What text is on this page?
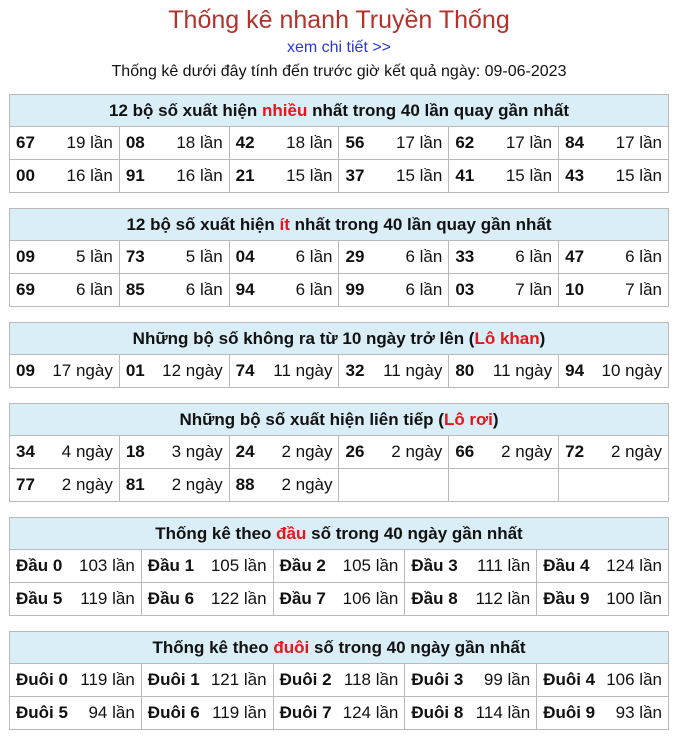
Thống kê nhanh Truyền Thống
xem chi tiết >>
Thống kê dưới đây tính đến trước giờ kết quả ngày: 09-06-2023
12 bộ số xuất hiện nhiều nhất trong 40 lần quay gần nhất					

67 19 lần	08 18 lần	42 18 lần	56 17 lần	62 17 lần	84 17 lần

00 16 lần	91 16 lần	21 15 lần	37 15 lần	41 15 lần	43 15 lần
12 bộ số xuất hiện ít nhất trong 40 lần quay gần nhất					

09 5 lần	73 5 lần	04 6 lần	29 6 lần	33 6 lần	47 6 lần

69 6 lần	85 6 lần	94 6 lần	99 6 lần	03 7 lần	10 7 lần
Những bộ số không ra từ 10 ngày trở lên (Lô khan)

09 17 ngày	01 12 ngày	74 11 ngày	32 11 ngày	80 11 ngày	94 10 ngày
Những bộ số xuất hiện liên tiếp (Lô rơi)					

34 4 ngày	18 3 ngày	24 2 ngày	26 2 ngày	66 2 ngày	72 2 ngày

77 2 ngày	81 2 ngày	88 2 ngày			

Thống kê theo đầu số trong 40 ngày gần nhất				

Đầu 0 103 lần	Đầu 1 105 lần	Đầu 2 105 lần	Đầu 3 111 lần	Đầu 4 124 lần

Đầu 5 119 lần	Đầu 6 122 lần	Đầu 7 106 lần	Đầu 8 112 lần	Đầu 9 100 lần
Thống kê theo đuôi số trong 40 ngày gần nhất				

Đuôi 0 119 lần	Đuôi 1 121 lần	Đuôi 2 118 lần	Đuôi 3 99 lần	Đuôi 4 106 lần

Đuôi 5 94 lần	Đuôi 6 119 lần	Đuôi 7 124 lần	Đuôi 8 114 lần	Đuôi 9 93 lần
